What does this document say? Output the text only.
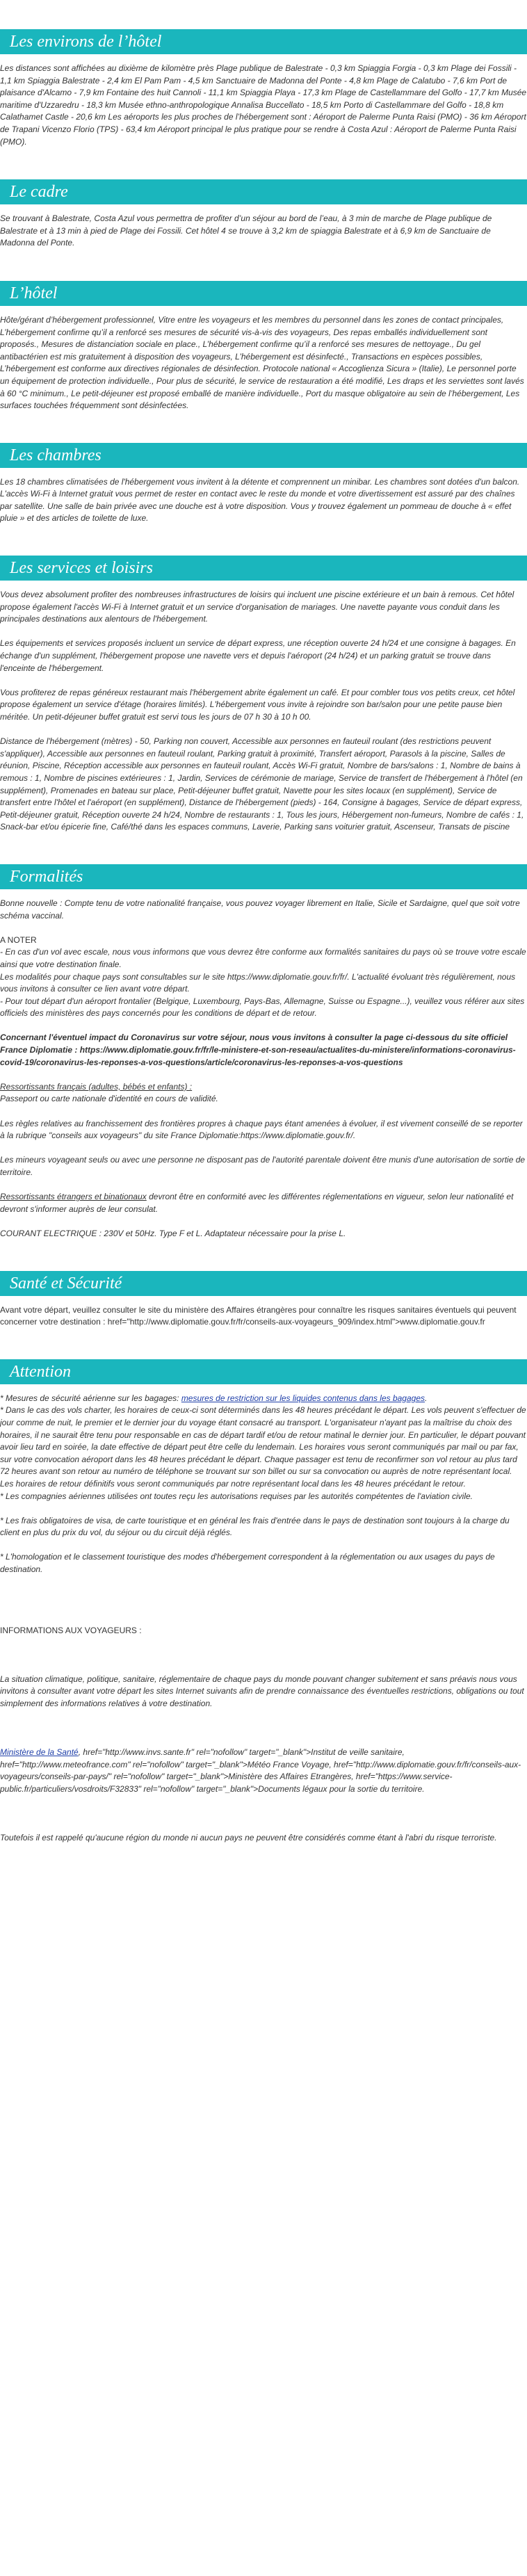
Les environs de l’hôtel

Les distances sont affichées au dixième de kilomètre près Plage publique de Balestrate - 0,3 km Spiaggia Forgia - 0,3 km Plage dei Fossili - 1,1 km Spiaggia Balestrate - 2,4 km El Pam Pam - 4,5 km Sanctuaire de Madonna del Ponte - 4,8 km Plage de Calatubo - 7,6 km Port de plaisance d'Alcamo - 7,9 km Fontaine des huit Cannoli - 11,1 km Spiaggia Playa - 17,3 km Plage de Castellammare del Golfo - 17,7 km Musée maritime d'Uzzaredru - 18,3 km Musée ethno-anthropologique Annalisa Buccellato - 18,5 km Porto di Castellammare del Golfo - 18,8 km Calathamet Castle - 20,6 km Les aéroports les plus proches de l’hébergement sont : Aéroport de Palerme Punta Raisi (PMO) - 36 km Aéroport de Trapani Vicenzo Florio (TPS) - 63,4 km Aéroport principal le plus pratique pour se rendre à Costa Azul : Aéroport de Palerme Punta Raisi (PMO).

Le cadre

Se trouvant à Balestrate, Costa Azul vous permettra de profiter d’un séjour au bord de l’eau, à 3 min de marche de Plage publique de Balestrate et à 13 min à pied de Plage dei Fossili. Cet hôtel 4 se trouve à 3,2 km de spiaggia Balestrate et à 6,9 km de Sanctuaire de Madonna del Ponte.

L’hôtel

Hôte/gérant d’hébergement professionnel, Vitre entre les voyageurs et les membres du personnel dans les zones de contact principales, L’hébergement confirme qu’il a renforcé ses mesures de sécurité vis-à-vis des voyageurs, Des repas emballés individuellement sont proposés., Mesures de distanciation sociale en place., L’hébergement confirme qu’il a renforcé ses mesures de nettoyage., Du gel antibactérien est mis gratuitement à disposition des voyageurs, L’hébergement est désinfecté., Transactions en espèces possibles, L’hébergement est conforme aux directives régionales de désinfection. Protocole national « Accoglienza Sicura » (Italie), Le personnel porte un équipement de protection individuelle., Pour plus de sécurité, le service de restauration a été modifié, Les draps et les serviettes sont lavés à 60 °C minimum., Le petit-déjeuner est proposé emballé de manière individuelle., Port du masque obligatoire au sein de l’hébergement, Les surfaces touchées fréquemment sont désinfectées.

Les chambres

Les 18 chambres climatisées de l'hébergement vous invitent à la détente et comprennent un minibar. Les chambres sont dotées d'un balcon. L'accès Wi-Fi à Internet gratuit vous permet de rester en contact avec le reste du monde et votre divertissement est assuré par des chaînes par satellite. Une salle de bain privée avec une douche est à votre disposition. Vous y trouvez également un pommeau de douche à « effet pluie » et des articles de toilette de luxe.

Les services et loisirs

Vous devez absolument profiter des nombreuses infrastructures de loisirs qui incluent une piscine extérieure et un bain à remous. Cet hôtel propose également l'accès Wi-Fi à Internet gratuit et un service d'organisation de mariages. Une navette payante vous conduit dans les principales destinations aux alentours de l'hébergement.

Les équipements et services proposés incluent un service de départ express, une réception ouverte 24 h/24 et une consigne à bagages. En échange d'un supplément, l'hébergement propose une navette vers et depuis l'aéroport (24 h/24) et un parking gratuit se trouve dans l'enceinte de l'hébergement.

Vous profiterez de repas généreux restaurant mais l'hébergement abrite également un café. Et pour combler tous vos petits creux, cet hôtel propose également un service d'étage (horaires limités). L'hébergement vous invite à rejoindre son bar/salon pour une petite pause bien méritée. Un petit-déjeuner buffet gratuit est servi tous les jours de 07 h 30 à 10 h 00.

Distance de l'hébergement (mètres) - 50, Parking non couvert, Accessible aux personnes en fauteuil roulant (des restrictions peuvent s'appliquer), Accessible aux personnes en fauteuil roulant, Parking gratuit à proximité, Transfert aéroport, Parasols à la piscine, Salles de réunion, Piscine, Réception accessible aux personnes en fauteuil roulant, Accès Wi-Fi gratuit, Nombre de bars/salons : 1, Nombre de bains à remous : 1, Nombre de piscines extérieures : 1, Jardin, Services de cérémonie de mariage, Service de transfert de l'hébergement à l'hôtel (en supplément), Promenades en bateau sur place, Petit-déjeuner buffet gratuit, Navette pour les sites locaux (en supplément), Service de transfert entre l'hôtel et l'aéroport (en supplément), Distance de l'hébergement (pieds) - 164, Consigne à bagages, Service de départ express, Petit-déjeuner gratuit, Réception ouverte 24 h/24, Nombre de restaurants : 1, Tous les jours, Hébergement non-fumeurs, Nombre de cafés : 1, Snack-bar et/ou épicerie fine, Café/thé dans les espaces communs, Laverie, Parking sans voiturier gratuit, Ascenseur, Transats de piscine

Formalités

Bonne nouvelle : Compte tenu de votre nationalité française, vous pouvez voyager librement en Italie, Sicile et Sardaigne, quel que soit votre schéma vaccinal.

A NOTER

- En cas d'un vol avec escale, nous vous informons que vous devrez être conforme aux formalités sanitaires du pays où se trouve votre escale ainsi que votre destination finale.

Les modalités pour chaque pays sont consultables sur le site https://www.diplomatie.gouv.fr/fr/. L'actualité évoluant très régulièrement, nous vous invitons à consulter ce lien avant votre départ.

- Pour tout départ d'un aéroport frontalier (Belgique, Luxembourg, Pays-Bas, Allemagne, Suisse ou Espagne...), veuillez vous référer aux sites officiels des ministères des pays concernés pour les conditions de départ et de retour.

Concernant l'éventuel impact du Coronavirus sur votre séjour, nous vous invitons à consulter la page ci-dessous du site officiel France Diplomatie : https://www.diplomatie.gouv.fr/fr/le-ministere-et-son-reseau/actualites-du-ministere/informations-coronavirus-covid-19/coronavirus-les-reponses-a-vos-questions/article/coronavirus-les-reponses-a-vos-questions

Ressortissants français (adultes, bébés et enfants) :

Passeport ou carte nationale d'identité en cours de validité.

Les règles relatives au franchissement des frontières propres à chaque pays étant amenées à évoluer, il est vivement conseillé de se reporter à la rubrique "conseils aux voyageurs" du site France Diplomatie:https://www.diplomatie.gouv.fr/.

Les mineurs voyageant seuls ou avec une personne ne disposant pas de l'autorité parentale doivent être munis d'une autorisation de sortie de territoire.

Ressortissants étrangers et binationaux devront être en conformité avec les différentes réglementations en vigueur, selon leur nationalité et devront s'informer auprès de leur consulat.

COURANT ELECTRIQUE : 230V et 50Hz. Type F et L. Adaptateur nécessaire pour la prise L.

Santé et Sécurité

Avant votre départ, veuillez consulter le site du ministère des Affaires étrangères pour connaître les risques sanitaires éventuels qui peuvent concerner votre destination : href="http://www.diplomatie.gouv.fr/fr/conseils-aux-voyageurs_909/index.html">www.diplomatie.gouv.fr

Attention

* Mesures de sécurité aérienne sur les bagages: mesures de restriction sur les liquides contenus dans les bagages.

* Dans le cas des vols charter, les horaires de ceux-ci sont déterminés dans les 48 heures précédant le départ. Les vols peuvent s'effectuer de jour comme de nuit, le premier et le dernier jour du voyage étant consacré au transport. L'organisateur n'ayant pas la maîtrise du choix des horaires, il ne saurait être tenu pour responsable en cas de départ tardif et/ou de retour matinal le dernier jour. En particulier, le départ pouvant avoir lieu tard en soirée, la date effective de départ peut être celle du lendemain. Les horaires vous seront communiqués par mail ou par fax, sur votre convocation aéroport dans les 48 heures précédant le départ. Chaque passager est tenu de reconfirmer son vol retour au plus tard 72 heures avant son retour au numéro de téléphone se trouvant sur son billet ou sur sa convocation ou auprès de notre représentant local. Les horaires de retour définitifs vous seront communiqués par notre représentant local dans les 48 heures précédant le retour.

* Les compagnies aériennes utilisées ont toutes reçu les autorisations requises par les autorités compétentes de l'aviation civile.

* Les frais obligatoires de visa, de carte touristique et en général les frais d'entrée dans le pays de destination sont toujours à la charge du client en plus du prix du vol, du séjour ou du circuit déjà réglés.

* L'homologation et le classement touristique des modes d'hébergement correspondent à la réglementation ou aux usages du pays de destination.

INFORMATIONS AUX VOYAGEURS :

La situation climatique, politique, sanitaire, réglementaire de chaque pays du monde pouvant changer subitement et sans préavis nous vous invitons à consulter avant votre départ les sites Internet suivants afin de prendre connaissance des éventuelles restrictions, obligations ou tout simplement des informations relatives à votre destination.

Ministère de la Santé, href="http://www.invs.sante.fr" rel="nofollow" target="_blank">Institut de veille sanitaire, href="http://www.meteofrance.com" rel="nofollow" target="_blank">Météo France Voyage, href="http://www.diplomatie.gouv.fr/fr/conseils-aux-voyageurs/conseils-par-pays/" rel="nofollow" target="_blank">Ministère des Affaires Etrangères, href="https://www.service-public.fr/particuliers/vosdroits/F32833" rel="nofollow" target="_blank">Documents légaux pour la sortie du territoire.

Toutefois il est rappelé qu'aucune région du monde ni aucun pays ne peuvent être considérés comme étant à l'abri du risque terroriste.
